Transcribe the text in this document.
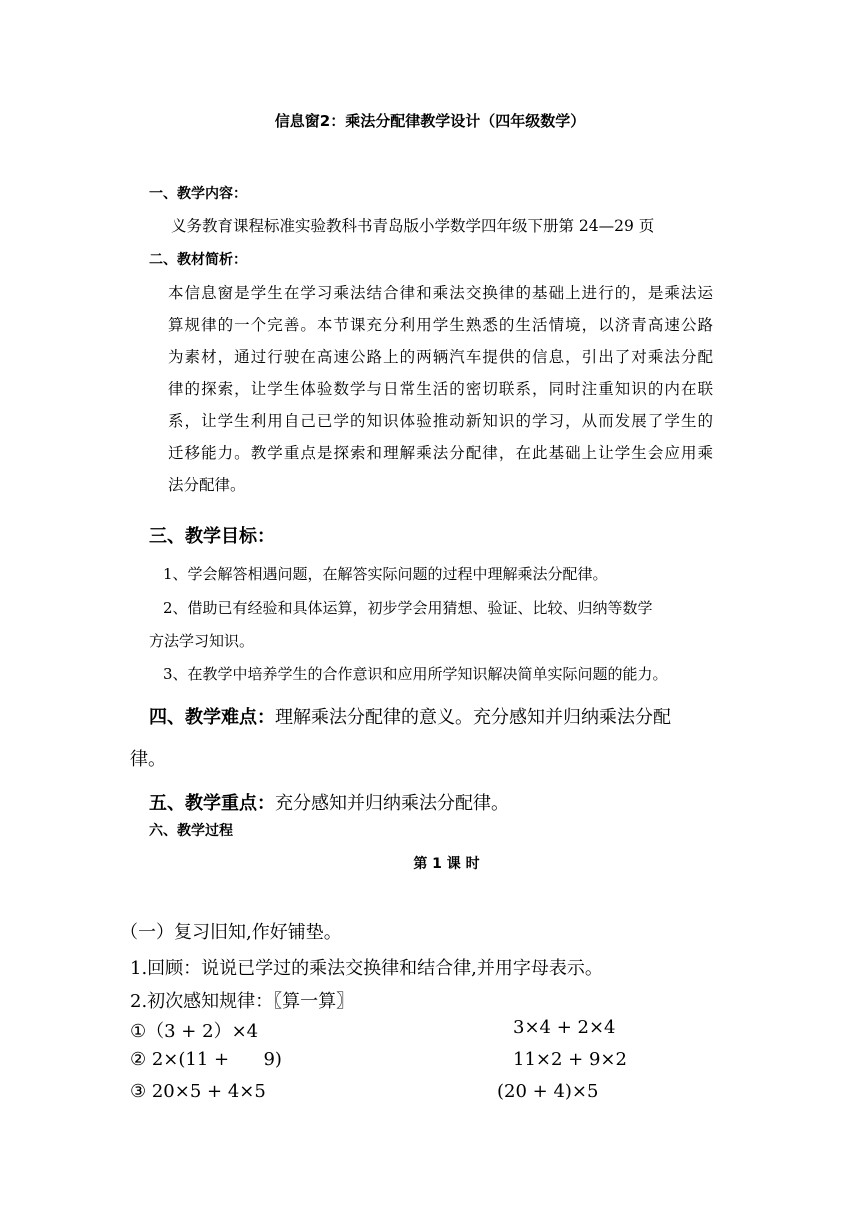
信息窗2：乘法分配律教学设计（四年级数学）
一、教学内容：
义务教育课程标准实验教科书青岛版小学数学四年级下册第 24—29 页
二、教材简析：
本信息窗是学生在学习乘法结合律和乘法交换律的基础上进行的，是乘法运
算规律的一个完善。本节课充分利用学生熟悉的生活情境，以济青高速公路
为素材，通过行驶在高速公路上的两辆汽车提供的信息，引出了对乘法分配
律的探索，让学生体验数学与日常生活的密切联系，同时注重知识的内在联
系，让学生利用自己已学的知识体验推动新知识的学习，从而发展了学生的
迁移能力。教学重点是探索和理解乘法分配律，在此基础上让学生会应用乘
法分配律。
三、教学目标：
1、学会解答相遇问题，在解答实际问题的过程中理解乘法分配律。
2、借助已有经验和具体运算，初步学会用猜想、验证、比较、归纳等数学
方法学习知识。
3、在教学中培养学生的合作意识和应用所学知识解决简单实际问题的能力。
四、教学难点：理解乘法分配律的意义。充分感知并归纳乘法分配
律。
五、教学重点：充分感知并归纳乘法分配律。
六、教学过程
第 1 课 时
（一）复习旧知,作好铺垫。
1.回顾：说说已学过的乘法交换律和结合律,并用字母表示。
2.初次感知规律：〖算一算〗
①（3 + 2）×4	3×4 + 2×4
② 2×(11 +      9)	11×2 + 9×2
③ 20×5 + 4×5	(20 + 4)×5
